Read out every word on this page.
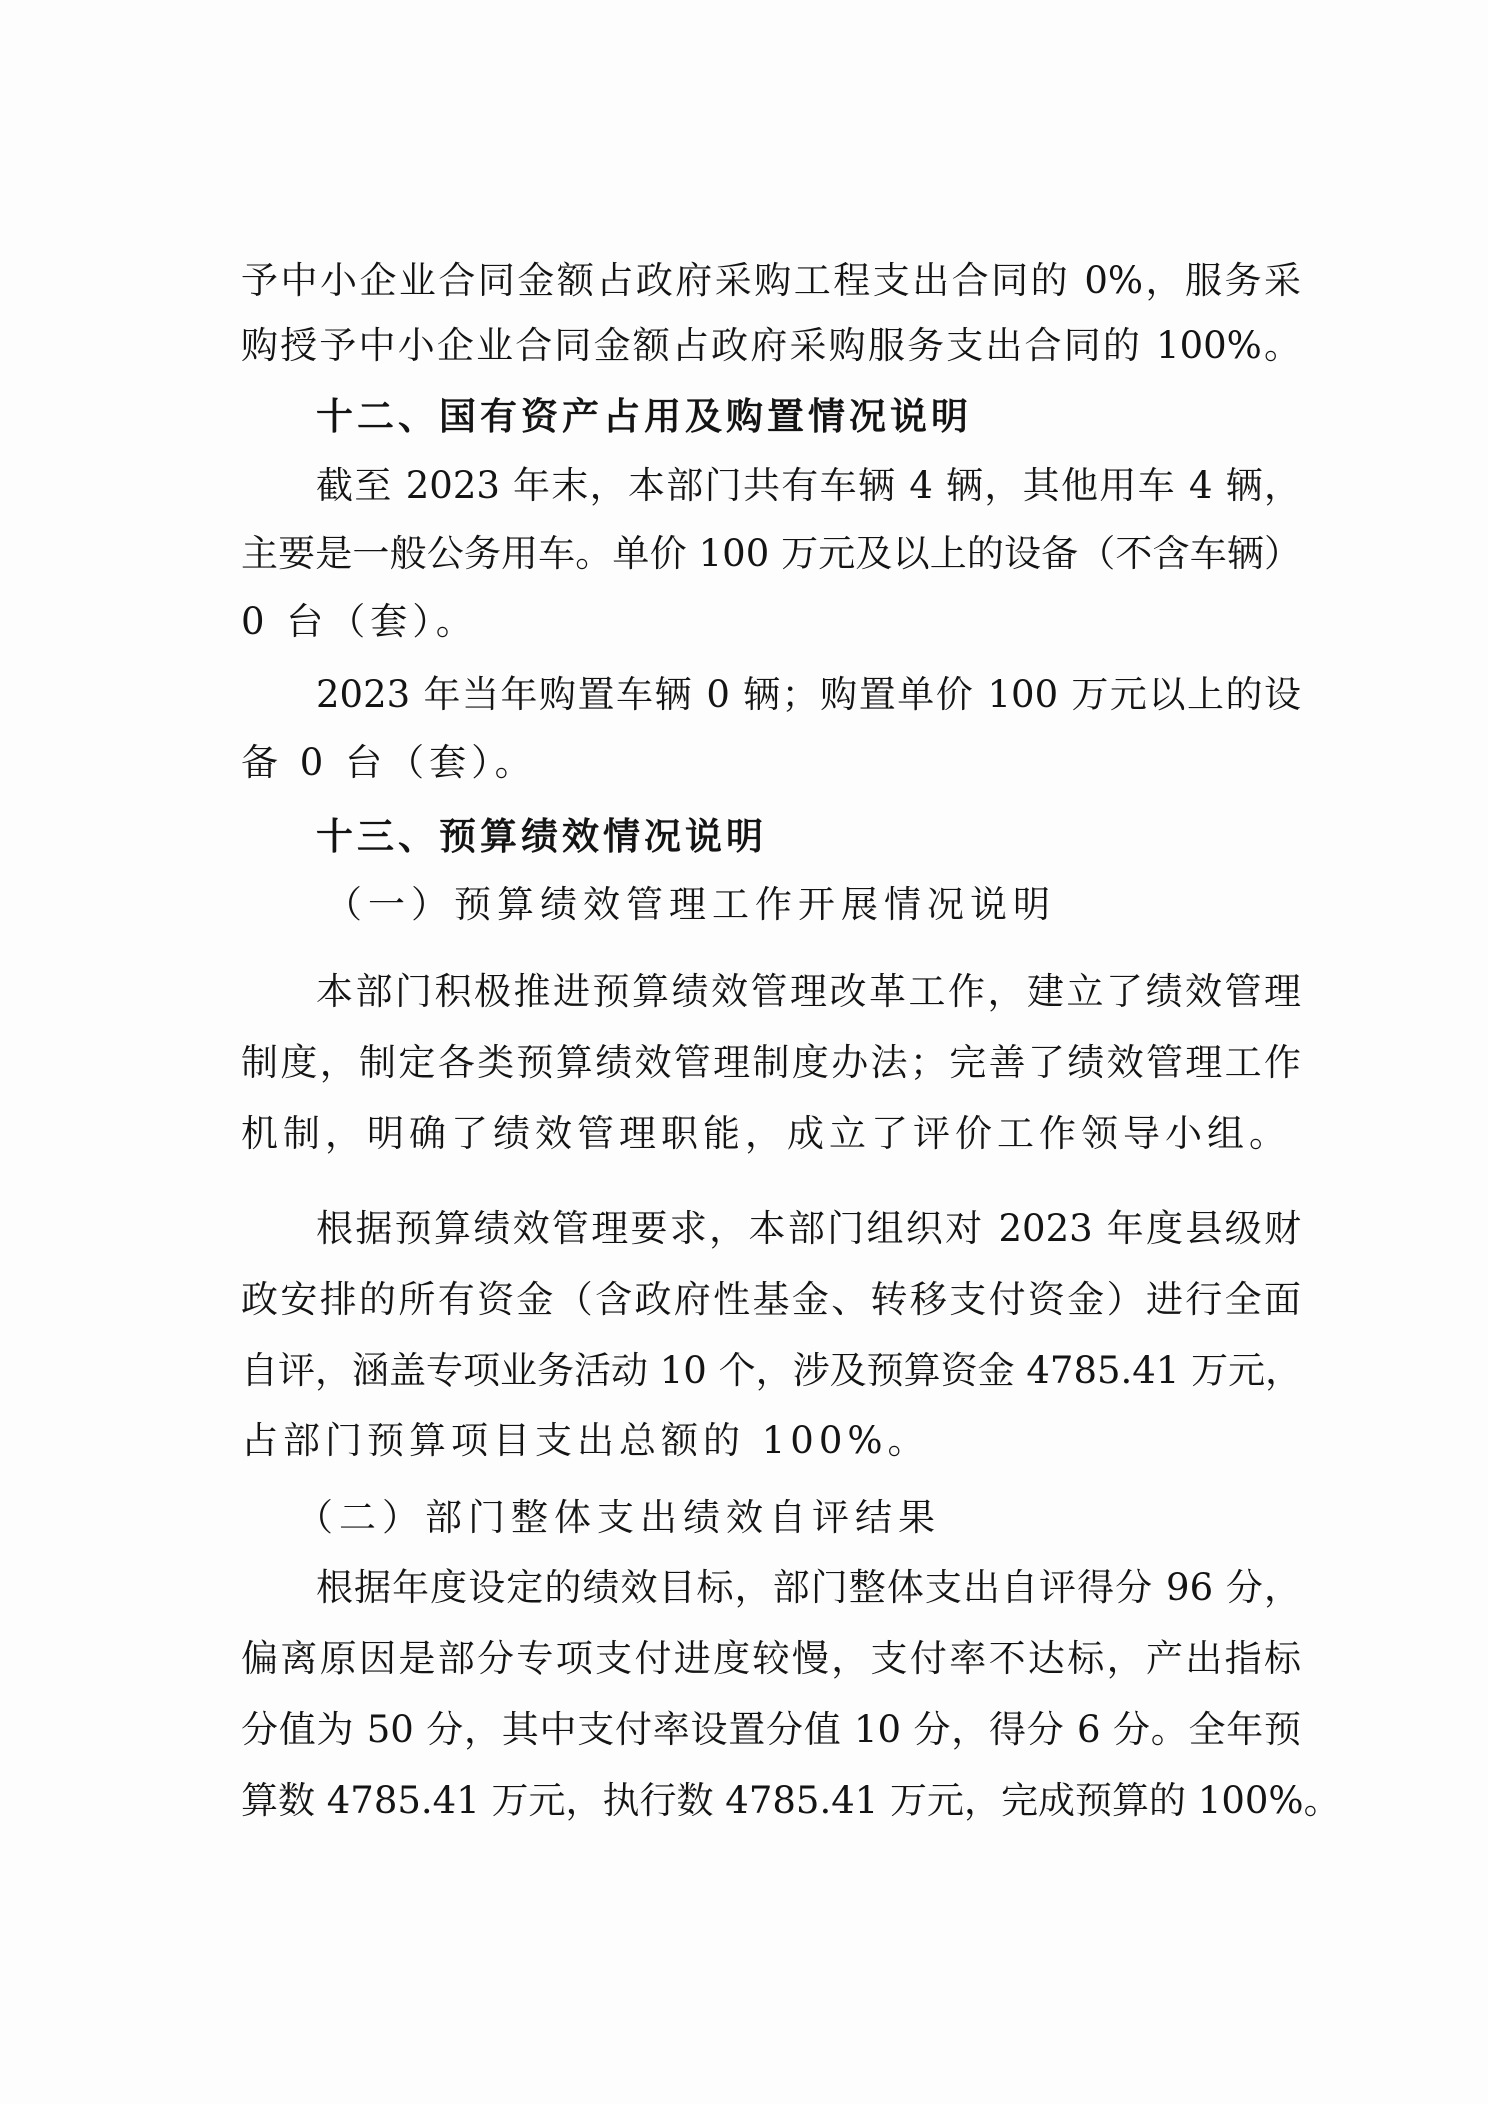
予中小企业合同金额占政府采购工程支出合同的 0%，服务采
购授予中小企业合同金额占政府采购服务支出合同的 100%。
十二、国有资产占用及购置情况说明
截至 2023 年末，本部门共有车辆 4 辆，其他用车 4 辆，
主要是一般公务用车。单价 100 万元及以上的设备（不含车辆）
0 台（套）。
2023 年当年购置车辆 0 辆；购置单价 100 万元以上的设
备 0 台（套）。
十三、预算绩效情况说明
（一）预算绩效管理工作开展情况说明
本部门积极推进预算绩效管理改革工作，建立了绩效管理
制度，制定各类预算绩效管理制度办法；完善了绩效管理工作
机制，明确了绩效管理职能，成立了评价工作领导小组。
根据预算绩效管理要求，本部门组织对 2023 年度县级财
政安排的所有资金（含政府性基金、转移支付资金）进行全面
自评，涵盖专项业务活动 10 个，涉及预算资金 4785.41 万元，
占部门预算项目支出总额的 100%。
（二）部门整体支出绩效自评结果
根据年度设定的绩效目标，部门整体支出自评得分 96 分，
偏离原因是部分专项支付进度较慢，支付率不达标，产出指标
分值为 50 分，其中支付率设置分值 10 分，得分 6 分。全年预
算数 4785.41 万元，执行数 4785.41 万元，完成预算的 100%。
